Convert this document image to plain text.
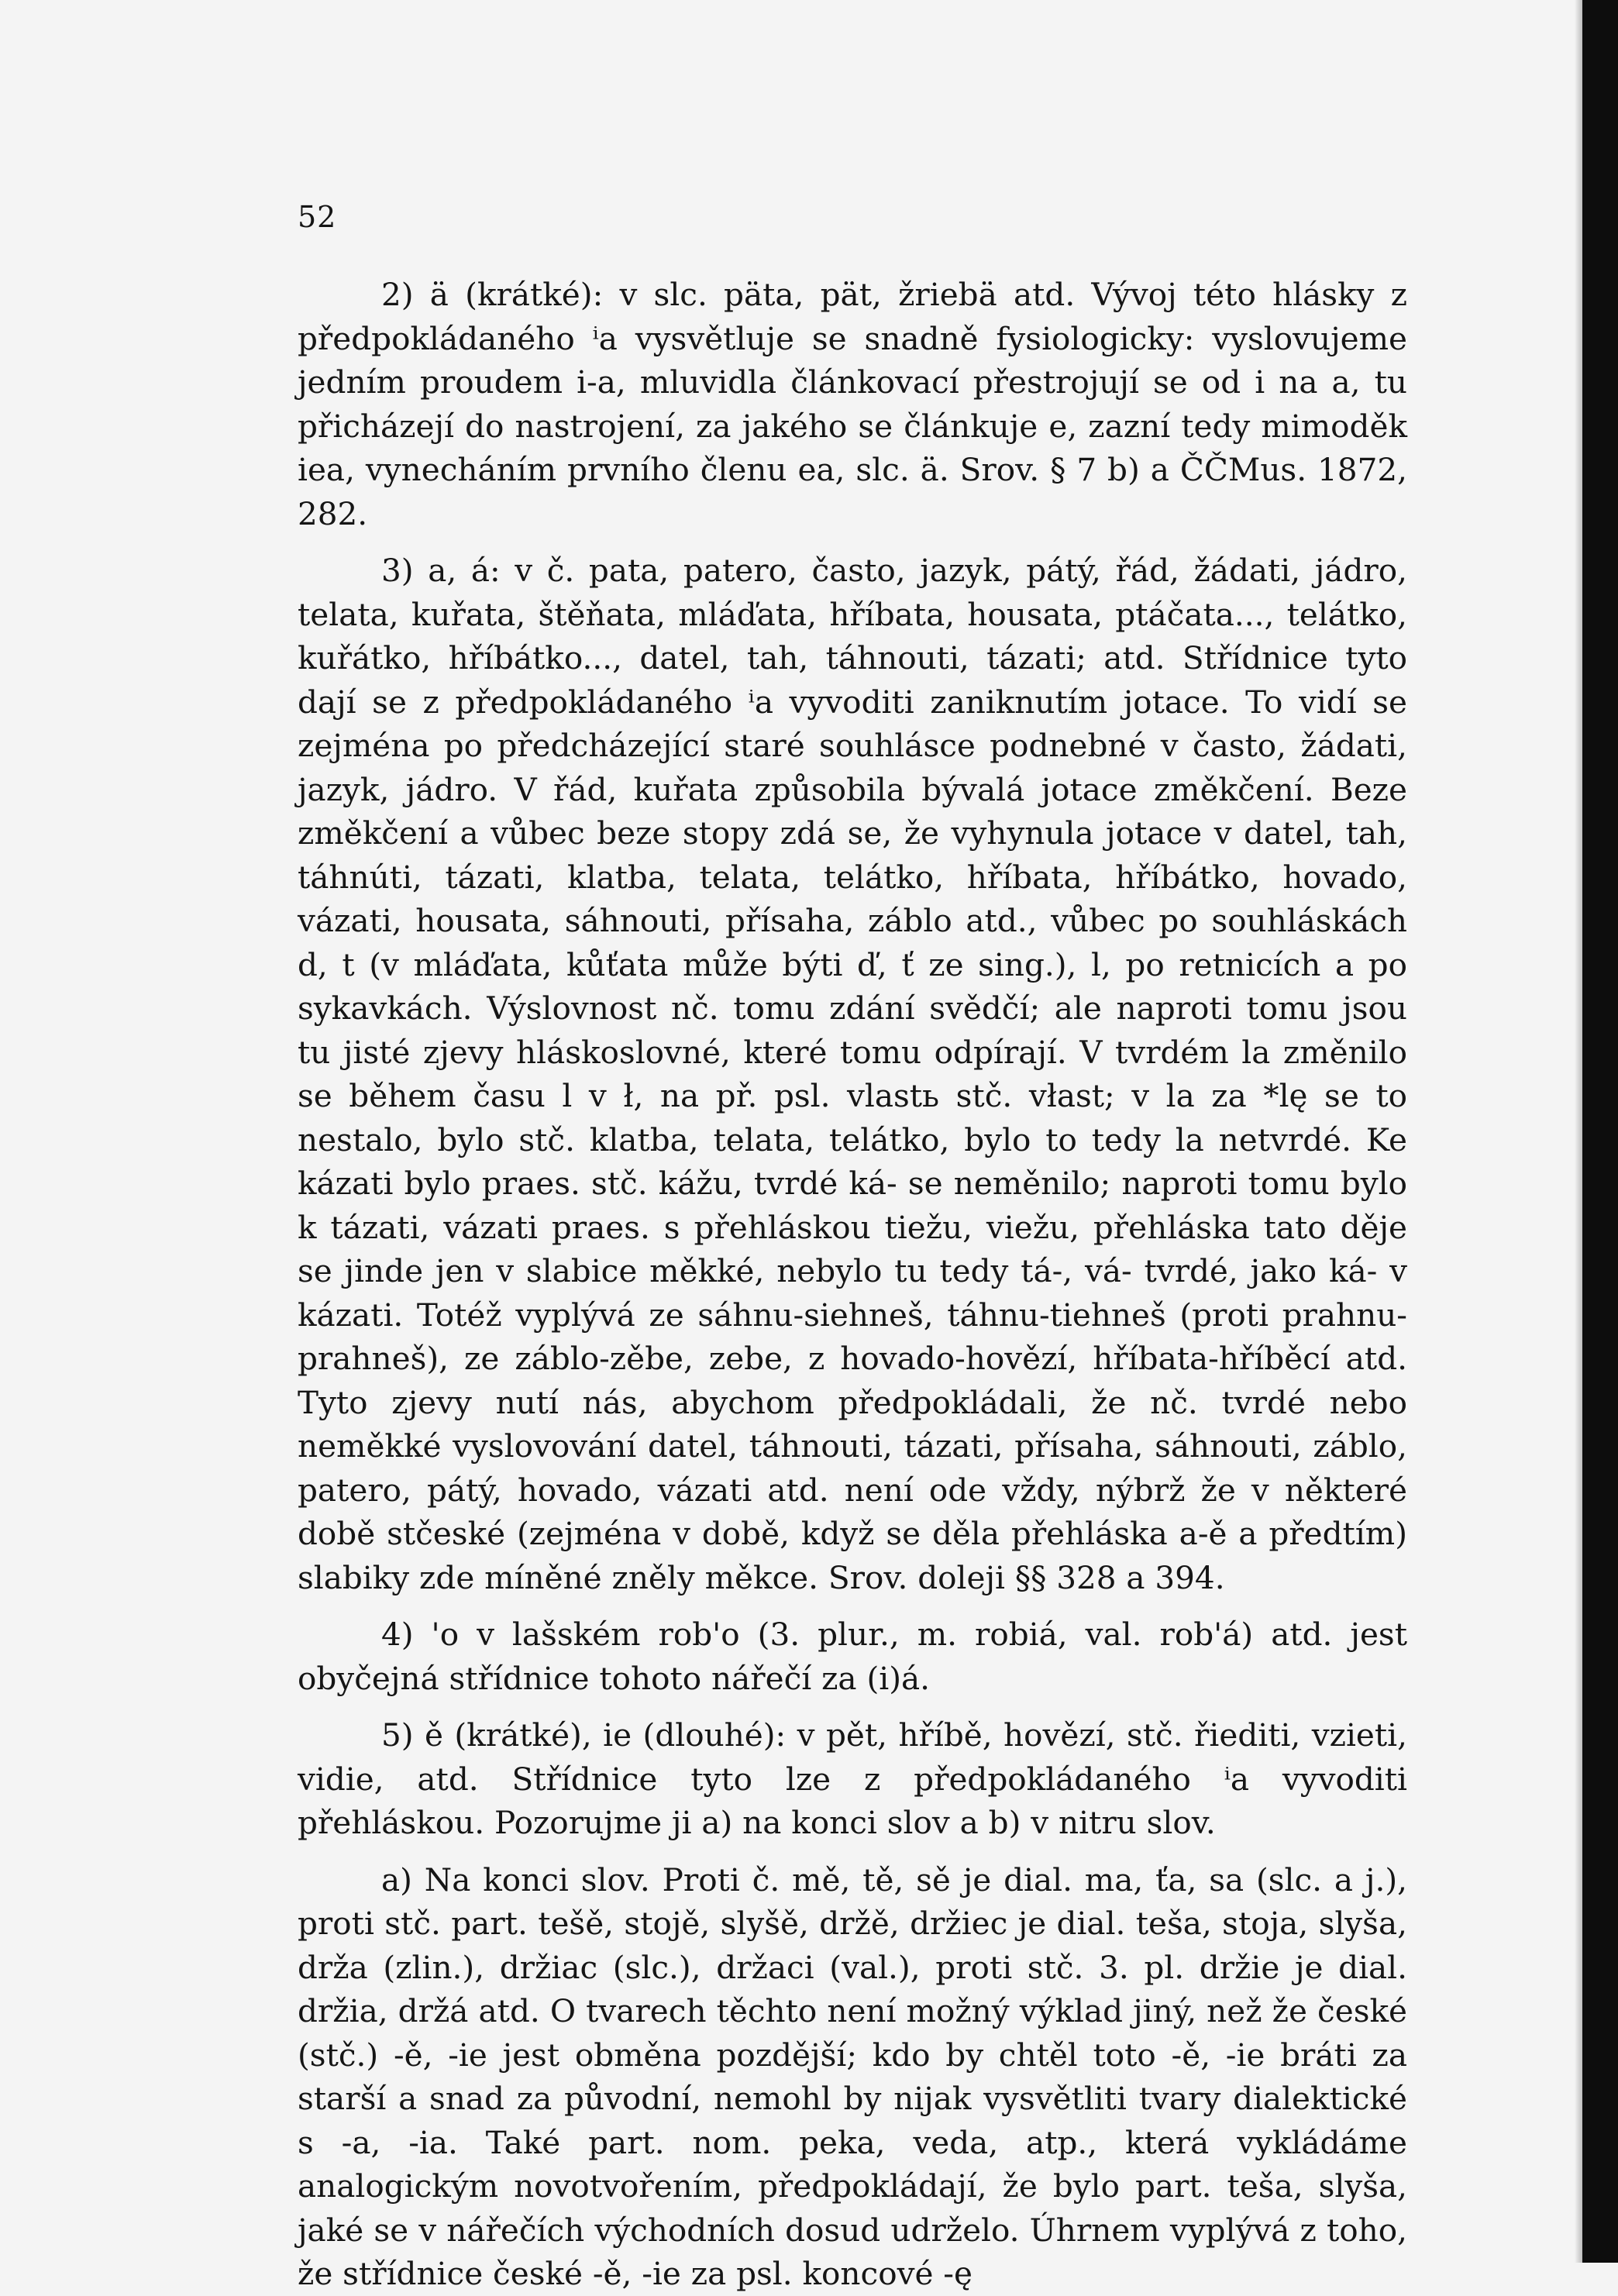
52

2) ä (krátké): v slc. päta, pät, žriebä atd. Vývoj této hlásky z předpokládaného ⁱa vysvětluje se snadně fysiologicky: vyslovujeme jedním proudem i-a, mluvidla článkovací přestrojují se od i na a, tu přicházejí do nastrojení, za jakého se článkuje e, zazní tedy mimoděk iea, vynecháním prvního členu ea, slc. ä. Srov. § 7 b) a ČČMus. 1872, 282.

3) a, á: v č. pata, patero, často, jazyk, pátý, řád, žádati, jádro, telata, kuřata, štěňata, mláďata, hříbata, housata, ptáčata..., telátko, kuřátko, hříbátko..., datel, tah, táhnouti, tázati; atd. Střídnice tyto dají se z předpokládaného ⁱa vyvoditi zaniknutím jotace. To vidí se zejména po předcházející staré souhlásce podnebné v často, žádati, jazyk, jádro. V řád, kuřata způsobila bývalá jotace změkčení. Beze změkčení a vůbec beze stopy zdá se, že vyhynula jotace v datel, tah, táhnúti, tázati, klatba, telata, telátko, hříbata, hříbátko, hovado, vázati, housata, sáhnouti, přísaha, záblo atd., vůbec po souhláskách d, t (v mláďata, kůťata může býti ď, ť ze sing.), l, po retnicích a po sykavkách. Výslovnost nč. tomu zdání svědčí; ale naproti tomu jsou tu jisté zjevy hláskoslovné, které tomu odpírají. V tvrdém la změnilo se během času l v ł, na př. psl. vlastь stč. vłast; v la za *lę se to nestalo, bylo stč. klatba, telata, telátko, bylo to tedy la netvrdé. Ke kázati bylo praes. stč. kážu, tvrdé ká- se neměnilo; naproti tomu bylo k tázati, vázati praes. s přehláskou tiežu, viežu, přehláska tato děje se jinde jen v slabice měkké, nebylo tu tedy tá-, vá- tvrdé, jako ká- v kázati. Totéž vyplývá ze sáhnu-siehneš, táhnu-tiehneš (proti prahnu-prahneš), ze záblo-zěbe, zebe, z hovado-hovězí, hříbata-hříběcí atd. Tyto zjevy nutí nás, abychom předpokládali, že nč. tvrdé nebo neměkké vyslovování datel, táhnouti, tázati, přísaha, sáhnouti, záblo, patero, pátý, hovado, vázati atd. není ode vždy, nýbrž že v některé době stčeské (zejména v době, když se děla přehláska a-ě a předtím) slabiky zde míněné zněly měkce. Srov. doleji §§ 328 a 394.

4) 'o v lašském rob'o (3. plur., m. robiá, val. rob'á) atd. jest obyčejná střídnice tohoto nářečí za (i)á.

5) ě (krátké), ie (dlouhé): v pět, hříbě, hovězí, stč. řiediti, vzieti, vidie, atd. Střídnice tyto lze z předpokládaného ⁱa vyvoditi přehláskou. Pozorujme ji a) na konci slov a b) v nitru slov.

a) Na konci slov. Proti č. mě, tě, sě je dial. ma, ťa, sa (slc. a j.), proti stč. part. tešě, stojě, slyšě, držě, držiec je dial. teša, stoja, slyša, drža (zlin.), držiac (slc.), držaci (val.), proti stč. 3. pl. držie je dial. držia, držá atd. O tvarech těchto není možný výklad jiný, než že české (stč.) -ě, -ie jest obměna pozdější; kdo by chtěl toto -ě, -ie bráti za starší a snad za původní, nemohl by nijak vysvětliti tvary dialektické s -a, -ia. Také part. nom. peka, veda, atp., která vykládáme analogickým novotvořením, předpokládají, že bylo part. teša, slyša, jaké se v nářečích východních dosud udrželo. Úhrnem vyplývá z toho, že střídnice české -ě, -ie za psl. koncové -ę
